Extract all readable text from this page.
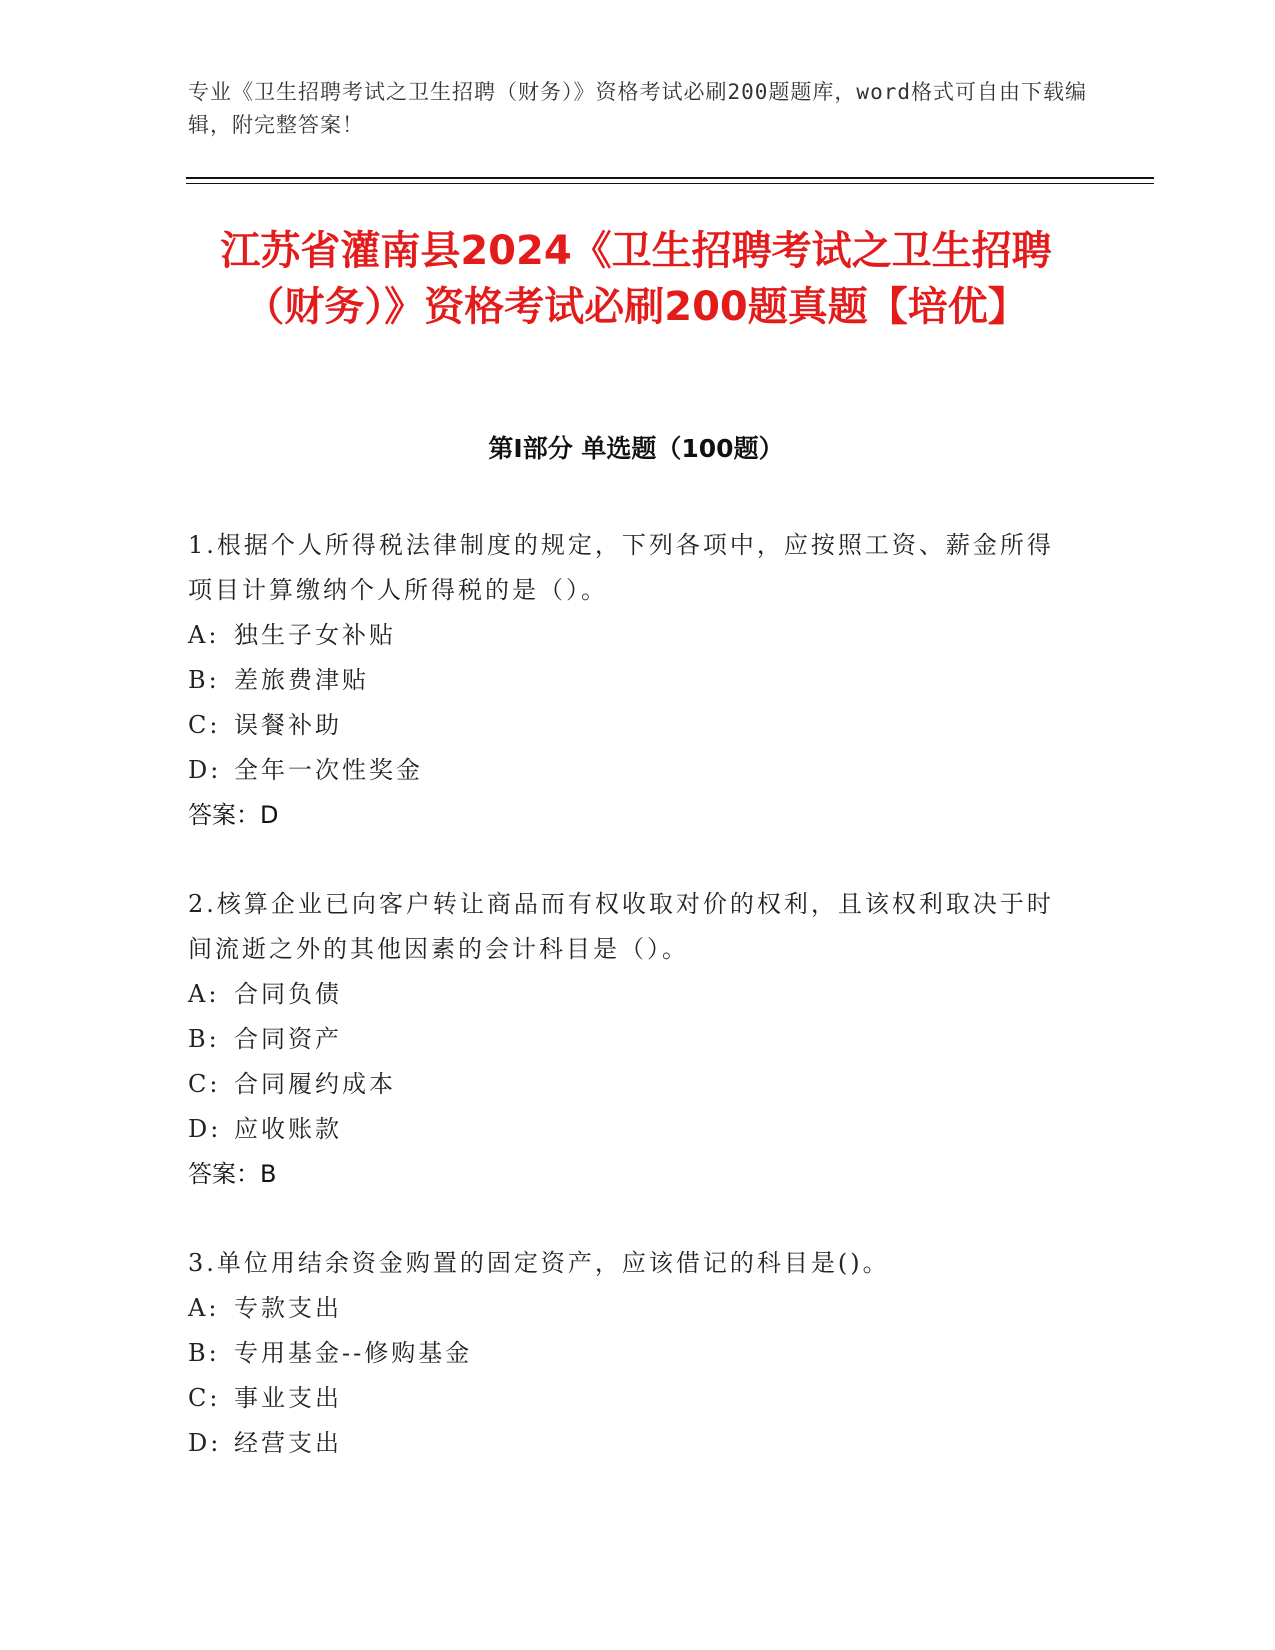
专业《卫生招聘考试之卫生招聘（财务）》资格考试必刷200题题库，word格式可自由下载编辑，附完整答案！
江苏省灌南县2024《卫生招聘考试之卫生招聘（财务）》资格考试必刷200题真题【培优】
第I部分 单选题（100题）

1.根据个人所得税法律制度的规定，下列各项中，应按照工资、薪金所得项目计算缴纳个人所得税的是（）。

A: 独生子女补贴

B: 差旅费津贴

C: 误餐补助

D: 全年一次性奖金

答案：D

2.核算企业已向客户转让商品而有权收取对价的权利，且该权利取决于时间流逝之外的其他因素的会计科目是（）。

A: 合同负债

B: 合同资产

C: 合同履约成本

D: 应收账款

答案：B

3.单位用结余资金购置的固定资产，应该借记的科目是()。

A: 专款支出

B: 专用基金--修购基金

C: 事业支出

D: 经营支出
